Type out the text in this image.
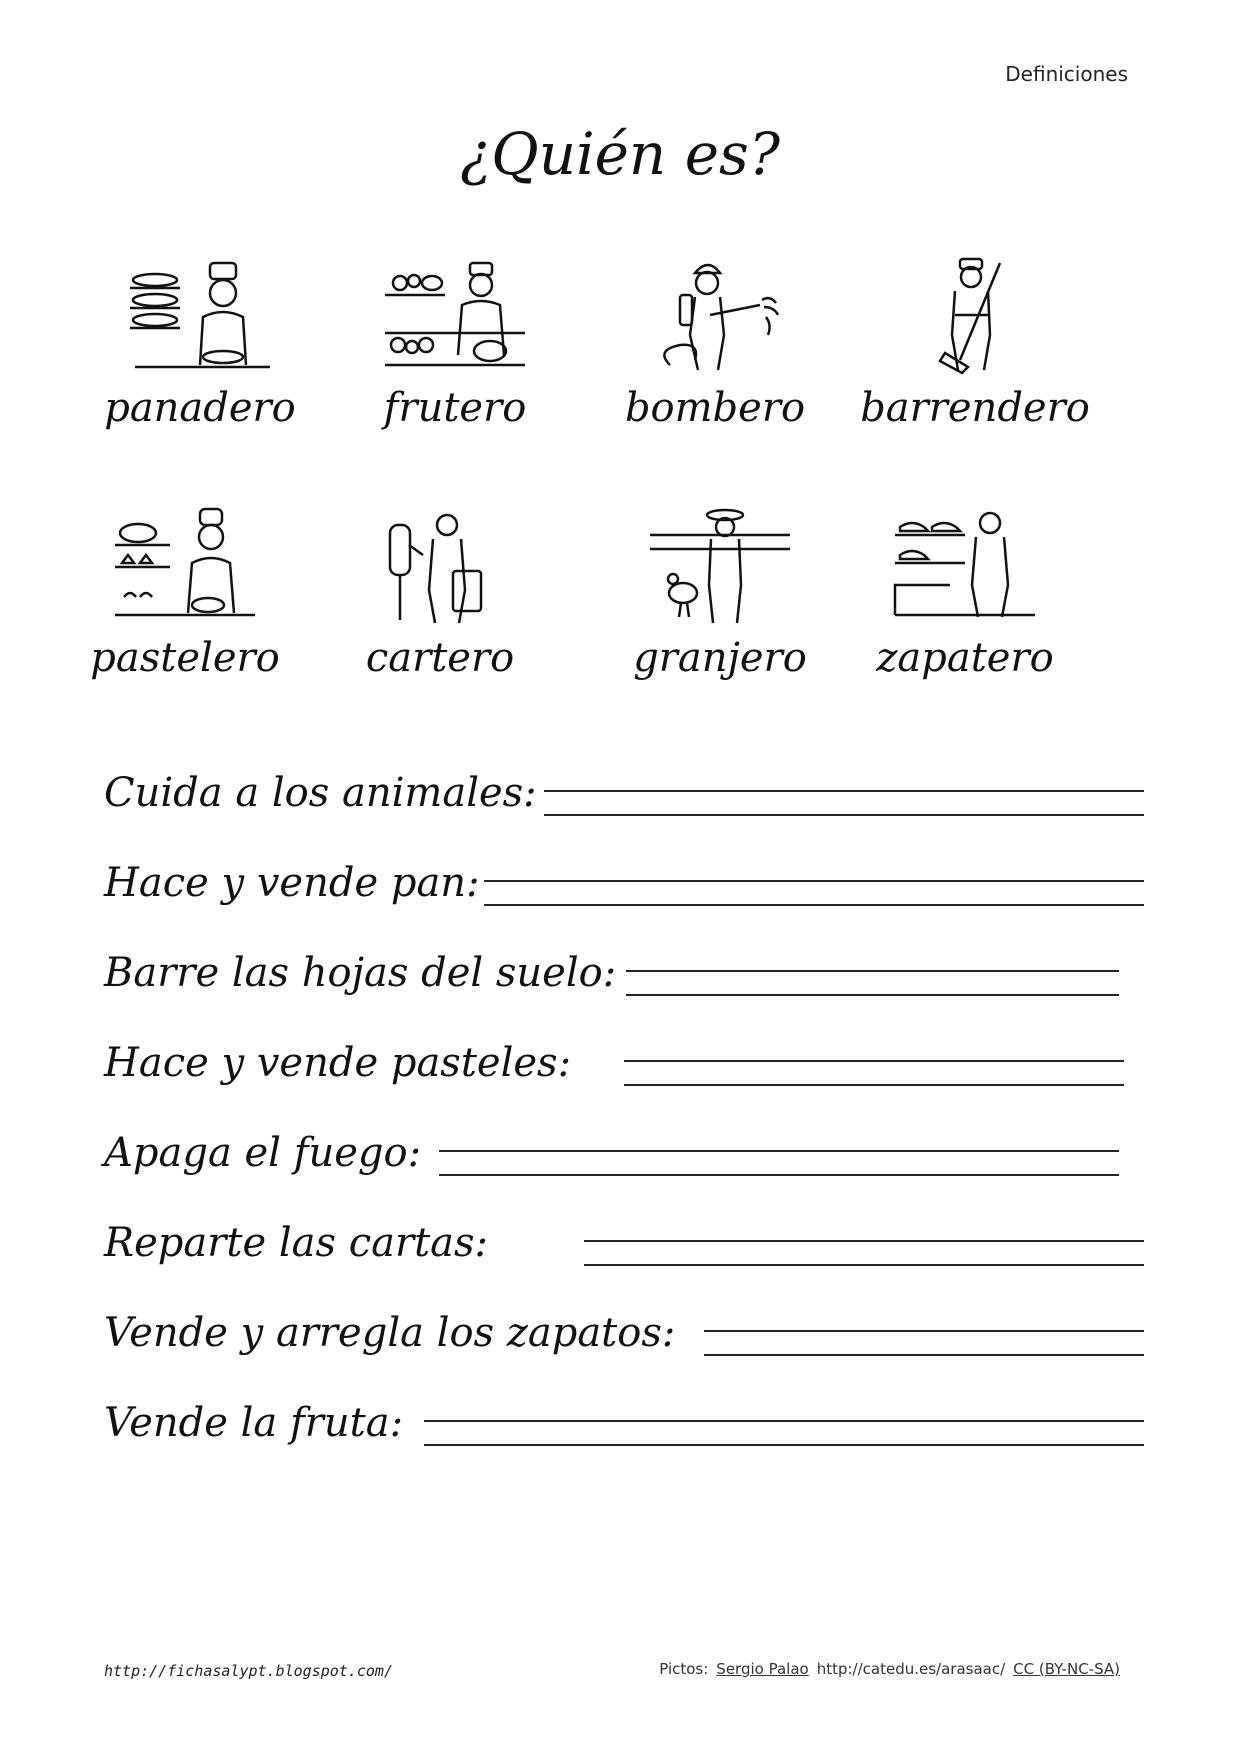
Definiciones
¿Quién es?
panadero	frutero	bombero	barrendero
pastelero	cartero	granjero	zapatero
Cuida a los animales:
Hace y vende pan:
Barre las hojas del suelo:
Hace y vende pasteles:
Apaga el fuego:
Reparte las cartas:
Vende y arregla los zapatos:
Vende la fruta:
http://fichasalypt.blogspot.com/	Pictos: Sergio Palao http://catedu.es/arasaac/ CC (BY-NC-SA)
